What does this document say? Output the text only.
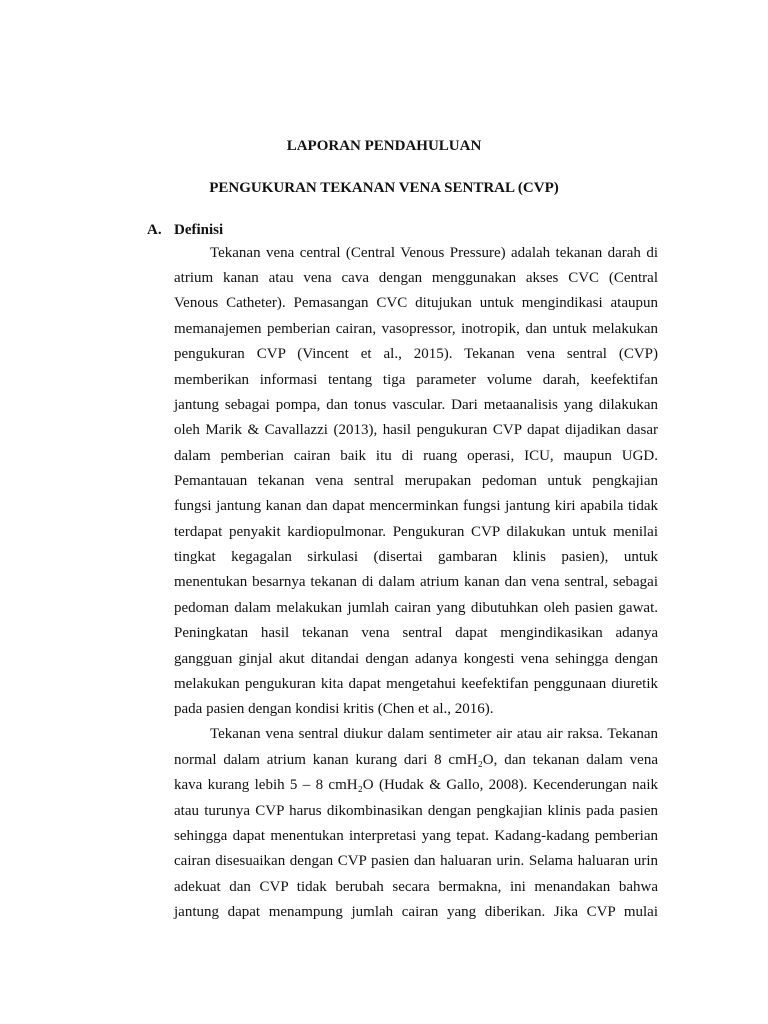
LAPORAN PENDAHULUAN
PENGUKURAN TEKANAN VENA SENTRAL (CVP)
A. Definisi
Tekanan vena central (Central Venous Pressure) adalah tekanan darah di
atrium kanan atau vena cava dengan menggunakan akses CVC (Central
Venous Catheter). Pemasangan CVC ditujukan untuk mengindikasi ataupun
memanajemen pemberian cairan, vasopressor, inotropik, dan untuk melakukan
pengukuran CVP (Vincent et al., 2015). Tekanan vena sentral (CVP)
memberikan informasi tentang tiga parameter volume darah, keefektifan
jantung sebagai pompa, dan tonus vascular. Dari metaanalisis yang dilakukan
oleh Marik & Cavallazzi (2013), hasil pengukuran CVP dapat dijadikan dasar
dalam pemberian cairan baik itu di ruang operasi, ICU, maupun UGD.
Pemantauan tekanan vena sentral merupakan pedoman untuk pengkajian
fungsi jantung kanan dan dapat mencerminkan fungsi jantung kiri apabila tidak
terdapat penyakit kardiopulmonar. Pengukuran CVP dilakukan untuk menilai
tingkat kegagalan sirkulasi (disertai gambaran klinis pasien), untuk
menentukan besarnya tekanan di dalam atrium kanan dan vena sentral, sebagai
pedoman dalam melakukan jumlah cairan yang dibutuhkan oleh pasien gawat.
Peningkatan hasil tekanan vena sentral dapat mengindikasikan adanya
gangguan ginjal akut ditandai dengan adanya kongesti vena sehingga dengan
melakukan pengukuran kita dapat mengetahui keefektifan penggunaan diuretik
pada pasien dengan kondisi kritis (Chen et al., 2016).
Tekanan vena sentral diukur dalam sentimeter air atau air raksa. Tekanan
normal dalam atrium kanan kurang dari 8 cmH₂O, dan tekanan dalam vena
kava kurang lebih 5 – 8 cmH₂O (Hudak & Gallo, 2008). Kecenderungan naik
atau turunya CVP harus dikombinasikan dengan pengkajian klinis pada pasien
sehingga dapat menentukan interpretasi yang tepat. Kadang-kadang pemberian
cairan disesuaikan dengan CVP pasien dan haluaran urin. Selama haluaran urin
adekuat dan CVP tidak berubah secara bermakna, ini menandakan bahwa
jantung dapat menampung jumlah cairan yang diberikan. Jika CVP mulai
